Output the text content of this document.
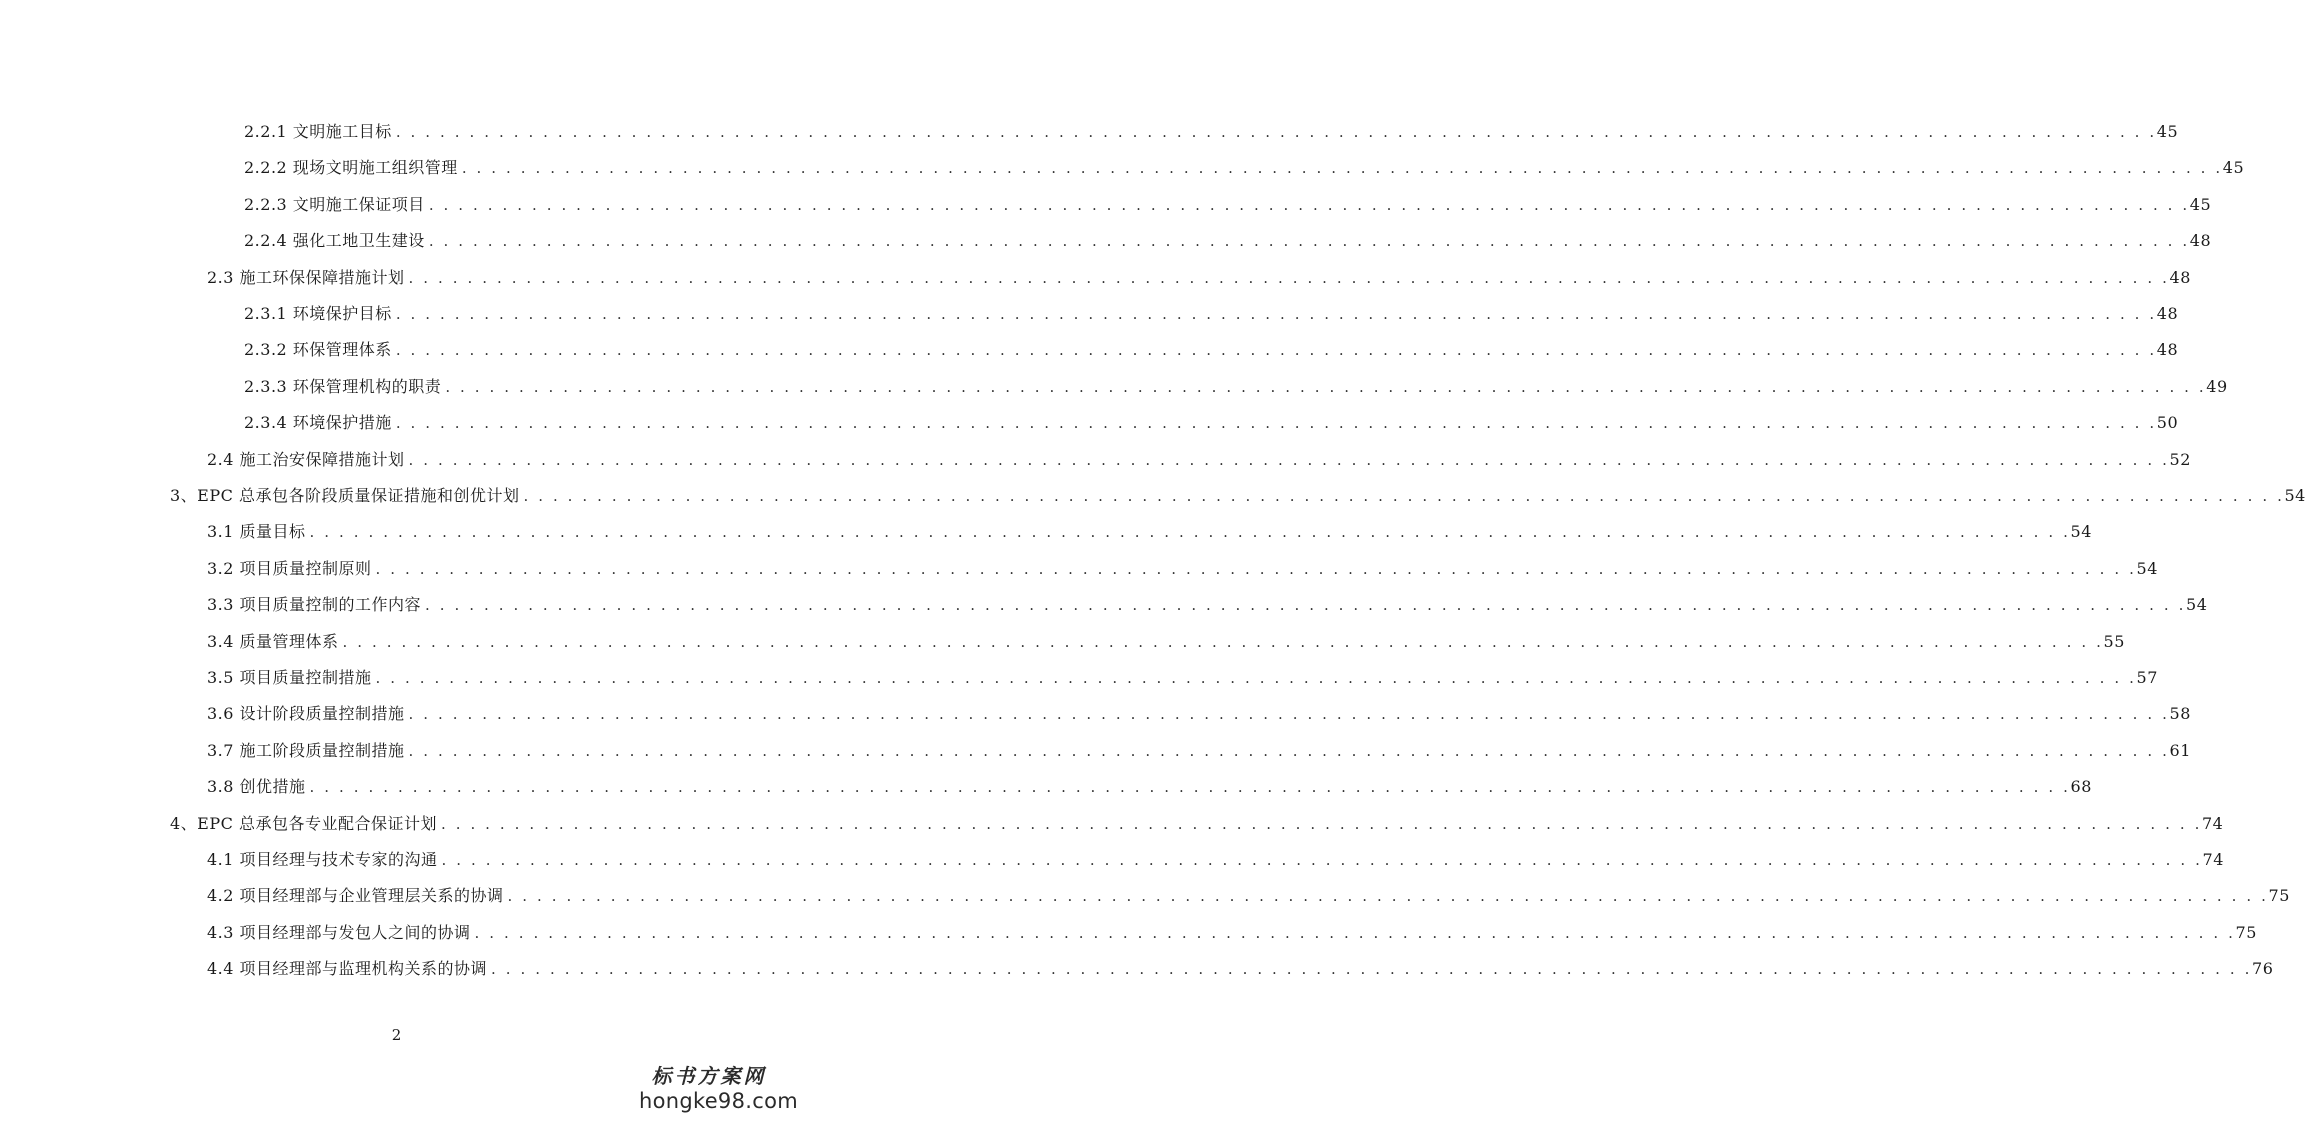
2.2.1 文明施工目标 . . . . . . . . . . . . . . . . . . . . . . . . . . . . . . . . . . . . . . . . . . . . . . . . . . . . . . . . . . . . . . . . . . . . . . . . . . . . . . . . . . . . . . . . . . . . . . . . . . . . . . . . . . . . . . . . . . . . . . . . 45
2.2.2 现场文明施工组织管理 . . . . . . . . . . . . . . . . . . . . . . . . . . . . . . . . . . . . . . . . . . . . . . . . . . . . . . . . . . . . . . . . . . . . . . . . . . . . . . . . . . . . . . . . . . . . . . . . . . . . . . . . . . . . . . . . . . . . . . . . 45
2.2.3 文明施工保证项目 . . . . . . . . . . . . . . . . . . . . . . . . . . . . . . . . . . . . . . . . . . . . . . . . . . . . . . . . . . . . . . . . . . . . . . . . . . . . . . . . . . . . . . . . . . . . . . . . . . . . . . . . . . . . . . . . . . . . . . . . 45
2.2.4 强化工地卫生建设 . . . . . . . . . . . . . . . . . . . . . . . . . . . . . . . . . . . . . . . . . . . . . . . . . . . . . . . . . . . . . . . . . . . . . . . . . . . . . . . . . . . . . . . . . . . . . . . . . . . . . . . . . . . . . . . . . . . . . . . . 48
2.3 施工环保保障措施计划 . . . . . . . . . . . . . . . . . . . . . . . . . . . . . . . . . . . . . . . . . . . . . . . . . . . . . . . . . . . . . . . . . . . . . . . . . . . . . . . . . . . . . . . . . . . . . . . . . . . . . . . . . . . . . . . . . . . . . . . . 48
2.3.1 环境保护目标 . . . . . . . . . . . . . . . . . . . . . . . . . . . . . . . . . . . . . . . . . . . . . . . . . . . . . . . . . . . . . . . . . . . . . . . . . . . . . . . . . . . . . . . . . . . . . . . . . . . . . . . . . . . . . . . . . . . . . . . . 48
2.3.2 环保管理体系 . . . . . . . . . . . . . . . . . . . . . . . . . . . . . . . . . . . . . . . . . . . . . . . . . . . . . . . . . . . . . . . . . . . . . . . . . . . . . . . . . . . . . . . . . . . . . . . . . . . . . . . . . . . . . . . . . . . . . . . . 48
2.3.3 环保管理机构的职责 . . . . . . . . . . . . . . . . . . . . . . . . . . . . . . . . . . . . . . . . . . . . . . . . . . . . . . . . . . . . . . . . . . . . . . . . . . . . . . . . . . . . . . . . . . . . . . . . . . . . . . . . . . . . . . . . . . . . . . . . 49
2.3.4 环境保护措施 . . . . . . . . . . . . . . . . . . . . . . . . . . . . . . . . . . . . . . . . . . . . . . . . . . . . . . . . . . . . . . . . . . . . . . . . . . . . . . . . . . . . . . . . . . . . . . . . . . . . . . . . . . . . . . . . . . . . . . . . 50
2.4 施工治安保障措施计划 . . . . . . . . . . . . . . . . . . . . . . . . . . . . . . . . . . . . . . . . . . . . . . . . . . . . . . . . . . . . . . . . . . . . . . . . . . . . . . . . . . . . . . . . . . . . . . . . . . . . . . . . . . . . . . . . . . . . . . . . 52
3、EPC 总承包各阶段质量保证措施和创优计划 . . . . . . . . . . . . . . . . . . . . . . . . . . . . . . . . . . . . . . . . . . . . . . . . . . . . . . . . . . . . . . . . . . . . . . . . . . . . . . . . . . . . . . . . . . . . . . . . . . . . . . . . . . . . . . . . . . . . . . . . 54
3.1 质量目标 . . . . . . . . . . . . . . . . . . . . . . . . . . . . . . . . . . . . . . . . . . . . . . . . . . . . . . . . . . . . . . . . . . . . . . . . . . . . . . . . . . . . . . . . . . . . . . . . . . . . . . . . . . . . . . . . . . . . . . . . 54
3.2 项目质量控制原则 . . . . . . . . . . . . . . . . . . . . . . . . . . . . . . . . . . . . . . . . . . . . . . . . . . . . . . . . . . . . . . . . . . . . . . . . . . . . . . . . . . . . . . . . . . . . . . . . . . . . . . . . . . . . . . . . . . . . . . . . 54
3.3 项目质量控制的工作内容 . . . . . . . . . . . . . . . . . . . . . . . . . . . . . . . . . . . . . . . . . . . . . . . . . . . . . . . . . . . . . . . . . . . . . . . . . . . . . . . . . . . . . . . . . . . . . . . . . . . . . . . . . . . . . . . . . . . . . . . . 54
3.4 质量管理体系 . . . . . . . . . . . . . . . . . . . . . . . . . . . . . . . . . . . . . . . . . . . . . . . . . . . . . . . . . . . . . . . . . . . . . . . . . . . . . . . . . . . . . . . . . . . . . . . . . . . . . . . . . . . . . . . . . . . . . . . . 55
3.5 项目质量控制措施 . . . . . . . . . . . . . . . . . . . . . . . . . . . . . . . . . . . . . . . . . . . . . . . . . . . . . . . . . . . . . . . . . . . . . . . . . . . . . . . . . . . . . . . . . . . . . . . . . . . . . . . . . . . . . . . . . . . . . . . . 57
3.6 设计阶段质量控制措施 . . . . . . . . . . . . . . . . . . . . . . . . . . . . . . . . . . . . . . . . . . . . . . . . . . . . . . . . . . . . . . . . . . . . . . . . . . . . . . . . . . . . . . . . . . . . . . . . . . . . . . . . . . . . . . . . . . . . . . . . 58
3.7 施工阶段质量控制措施 . . . . . . . . . . . . . . . . . . . . . . . . . . . . . . . . . . . . . . . . . . . . . . . . . . . . . . . . . . . . . . . . . . . . . . . . . . . . . . . . . . . . . . . . . . . . . . . . . . . . . . . . . . . . . . . . . . . . . . . . 61
3.8 创优措施 . . . . . . . . . . . . . . . . . . . . . . . . . . . . . . . . . . . . . . . . . . . . . . . . . . . . . . . . . . . . . . . . . . . . . . . . . . . . . . . . . . . . . . . . . . . . . . . . . . . . . . . . . . . . . . . . . . . . . . . . 68
4、EPC 总承包各专业配合保证计划 . . . . . . . . . . . . . . . . . . . . . . . . . . . . . . . . . . . . . . . . . . . . . . . . . . . . . . . . . . . . . . . . . . . . . . . . . . . . . . . . . . . . . . . . . . . . . . . . . . . . . . . . . . . . . . . . . . . . . . . . 74
4.1 项目经理与技术专家的沟通 . . . . . . . . . . . . . . . . . . . . . . . . . . . . . . . . . . . . . . . . . . . . . . . . . . . . . . . . . . . . . . . . . . . . . . . . . . . . . . . . . . . . . . . . . . . . . . . . . . . . . . . . . . . . . . . . . . . . . . . . 74
4.2 项目经理部与企业管理层关系的协调 . . . . . . . . . . . . . . . . . . . . . . . . . . . . . . . . . . . . . . . . . . . . . . . . . . . . . . . . . . . . . . . . . . . . . . . . . . . . . . . . . . . . . . . . . . . . . . . . . . . . . . . . . . . . . . . . . . . . . . . . 75
4.3 项目经理部与发包人之间的协调 . . . . . . . . . . . . . . . . . . . . . . . . . . . . . . . . . . . . . . . . . . . . . . . . . . . . . . . . . . . . . . . . . . . . . . . . . . . . . . . . . . . . . . . . . . . . . . . . . . . . . . . . . . . . . . . . . . . . . . . . 75
4.4 项目经理部与监理机构关系的协调 . . . . . . . . . . . . . . . . . . . . . . . . . . . . . . . . . . . . . . . . . . . . . . . . . . . . . . . . . . . . . . . . . . . . . . . . . . . . . . . . . . . . . . . . . . . . . . . . . . . . . . . . . . . . . . . . . . . . . . . . 76
2
标书方案网
hongke98.com
